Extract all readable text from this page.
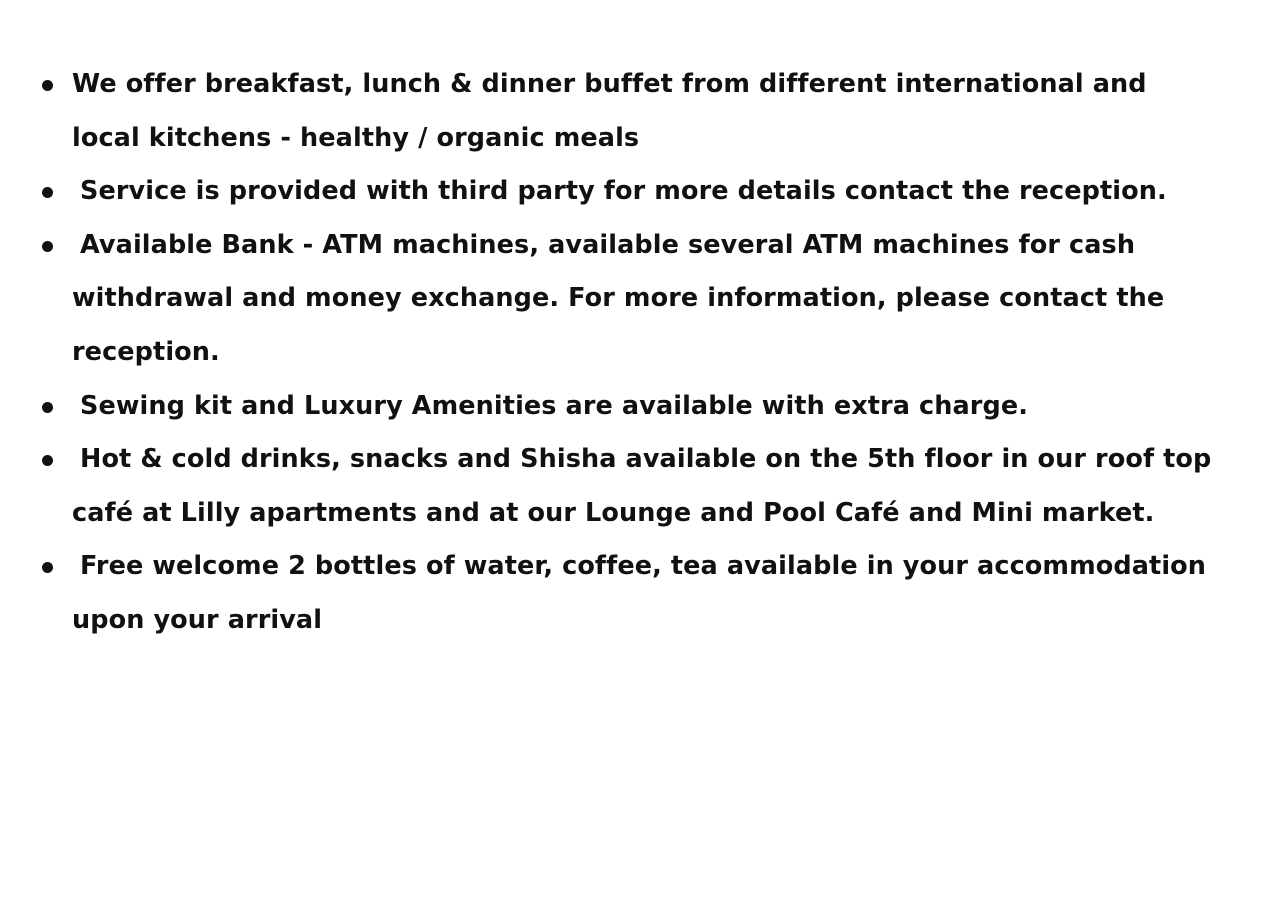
We offer breakfast, lunch & dinner buffet from different international and local kitchens - healthy / organic meals
Service is provided with third party for more details contact the reception.
Available Bank - ATM machines, available several ATM machines for cash withdrawal and money exchange. For more information, please contact the reception.
Sewing kit and Luxury Amenities are available with extra charge.
Hot & cold drinks, snacks and Shisha available on the 5th floor in our roof top café at Lilly apartments and at our Lounge and Pool Café and Mini market.
Free welcome 2 bottles of water, coffee, tea available in your accommodation upon your arrival
